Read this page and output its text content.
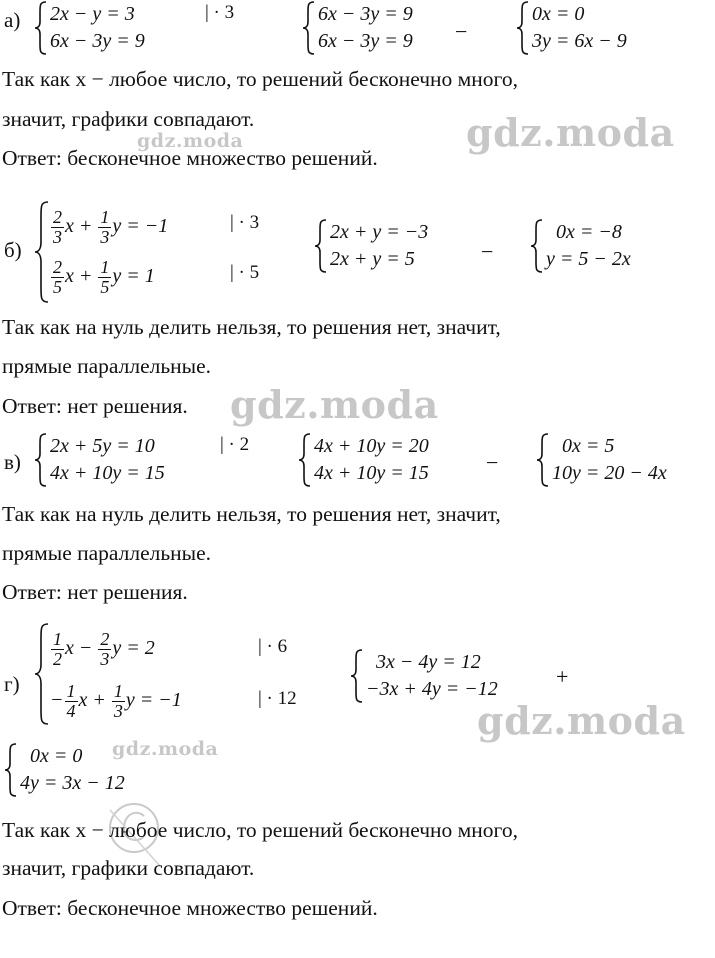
а) 2x − y = 3
6x − 3y = 9
| · 3	6x − 3y = 9
6x − 3y = 9 −
0x = 0
3y = 6x − 9
Так как x − любое число, то решений бесконечно много,
значит, графики совпадают.
Ответ: бесконечное множество решений.
gdz.moda	gdz.moda
б)
$\frac{2}{3}$ $x + \frac{1}{3}$ y = −1
$\frac{2}{5}$ $x + \frac{1}{5}$ y = 1
| · 3
| · 5
2x + y = −3
2x + y = 5	−
0x = −8
y = 5 − 2x
Так как на нуль делить нельзя, то решения нет, значит,
прямые параллельные.
Ответ: нет решения. gdz.moda
в)
2x + 5y = 10
4x + 10y = 15
| · 2	4x + 10y = 20
4x + 10y = 15	−
0x = 5
10y = 20 − 4x
Так как на нуль делить нельзя, то решения нет, значит,
прямые параллельные.
Ответ: нет решения.
г)
$\frac{1}{2}$ $x - \frac{2}{3}$ y = 2
− $\frac{1}{4}$ $x + \frac{1}{3}$ y = −1
| · 6
| · 12
3x − 4y = 12
−3x + 4y = −12	+
gdz.moda
0x = 0
4y = 3x − 12
gdz.moda
Так как x − любое число, то решений бесконечно много,
значит, графики совпадают.
Ответ: бесконечное множество решений.
